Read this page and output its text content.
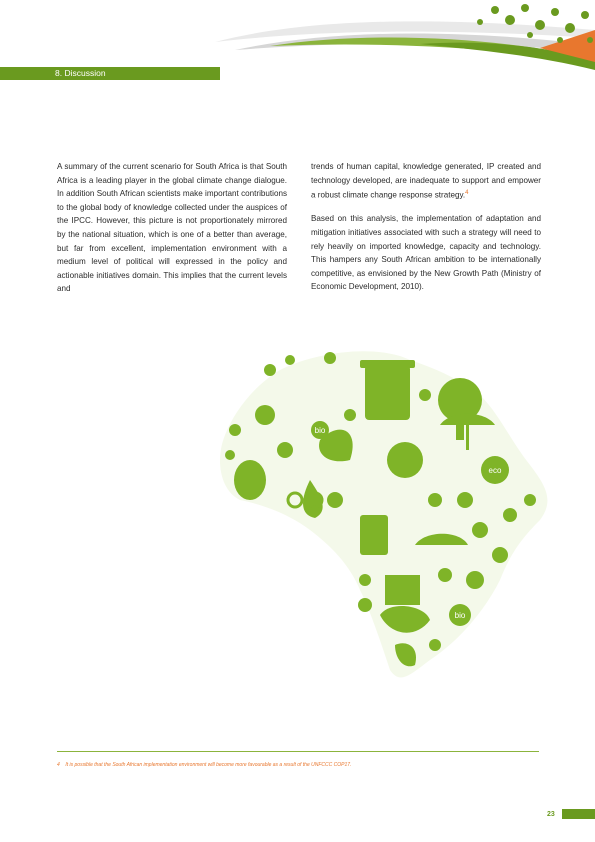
8. Discussion

A summary of the current scenario for South Africa is that South Africa is a leading player in the global climate change dialogue. In addition South African scientists make important contributions to the global body of knowledge collected under the auspices of the IPCC. However, this picture is not proportionately mirrored by the national situation, which is one of a better than average, but far from excellent, implementation environment with a medium level of political will expressed in the policy and actionable initiatives domain. This implies that the current levels and

trends of human capital, knowledge generated, IP created and technology developed, are inadequate to support and empower a robust climate change response strategy.$^4$

Based on this analysis, the implementation of adaptation and mitigation initiatives associated with such a strategy will need to rely heavily on imported knowledge, capacity and technology. This hampers any South African ambition to be internationally competitive, as envisioned by the New Growth Path (Ministry of Economic Development, 2010).

bio
eco
bio
4 It is possible that the South African implementation environment will become more favourable as a result of the UNFCCC COP17.
23
